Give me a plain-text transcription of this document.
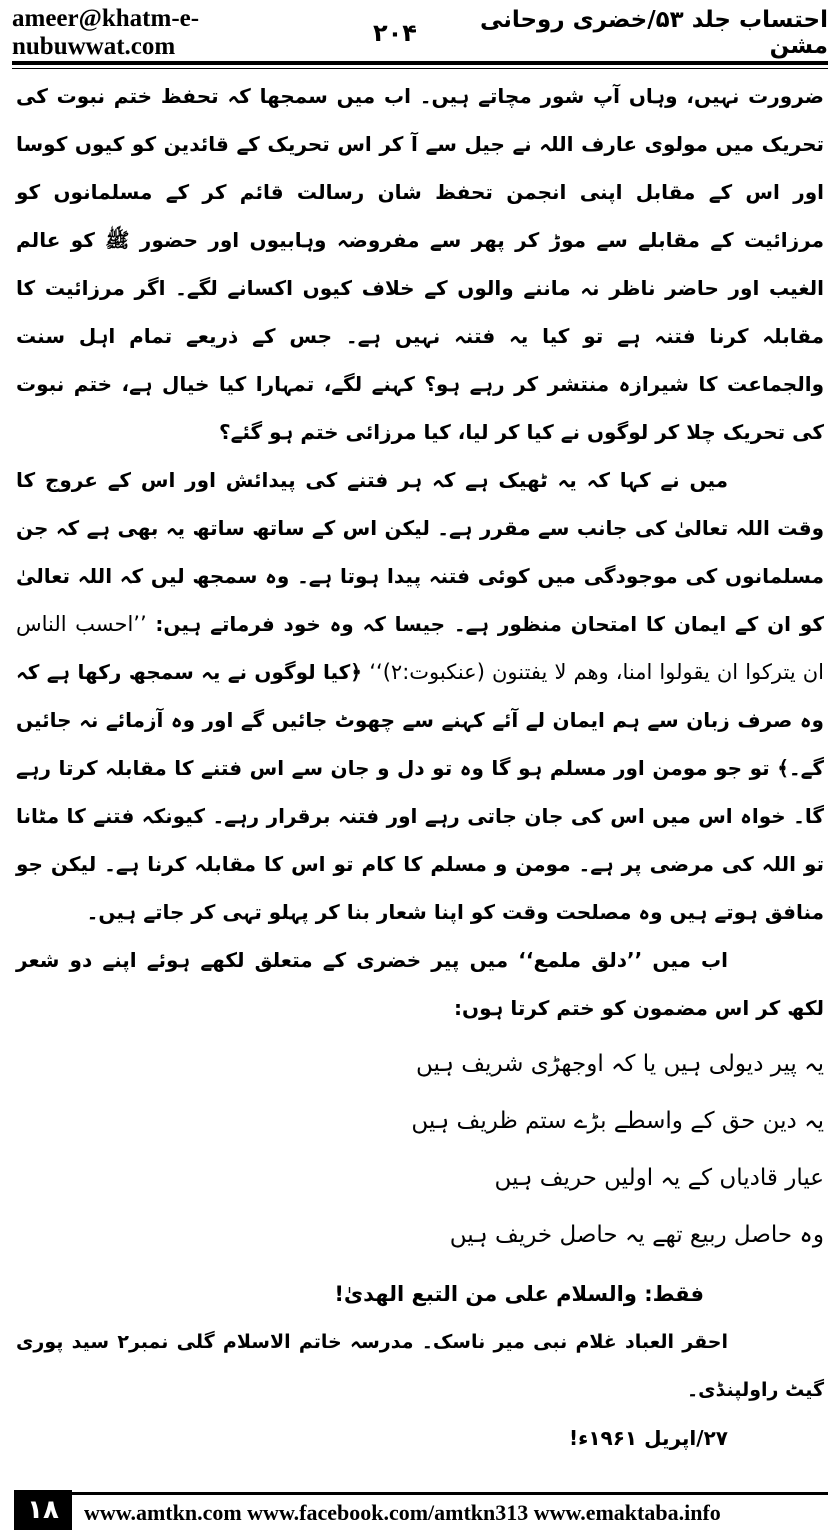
ameer@khatm-e-nubuwwat.com	۲۰۴	احتساب جلد ۵۳/خضری روحانی مشن

ضرورت نہیں، وہاں آپ شور مچاتے ہیں۔ اب میں سمجھا کہ تحفظ ختم نبوت کی تحریک میں مولوی عارف اللہ نے جیل سے آ کر اس تحریک کے قائدین کو کیوں کوسا اور اس کے مقابل اپنی انجمن تحفظ شان رسالت قائم کر کے مسلمانوں کو مرزائیت کے مقابلے سے موڑ کر پھر سے مفروضہ وہابیوں اور حضور ﷺ کو عالم الغیب اور حاضر ناظر نہ ماننے والوں کے خلاف کیوں اکسانے لگے۔ اگر مرزائیت کا مقابلہ کرنا فتنہ ہے تو کیا یہ فتنہ نہیں ہے۔ جس کے ذریعے تمام اہل سنت والجماعت کا شیرازہ منتشر کر رہے ہو؟ کہنے لگے، تمہارا کیا خیال ہے، ختم نبوت کی تحریک چلا کر لوگوں نے کیا کر لیا، کیا مرزائی ختم ہو گئے؟

میں نے کہا کہ یہ ٹھیک ہے کہ ہر فتنے کی پیدائش اور اس کے عروج کا وقت اللہ تعالیٰ کی جانب سے مقرر ہے۔ لیکن اس کے ساتھ ساتھ یہ بھی ہے کہ جن مسلمانوں کی موجودگی میں کوئی فتنہ پیدا ہوتا ہے۔ وہ سمجھ لیں کہ اللہ تعالیٰ کو ان کے ایمان کا امتحان منظور ہے۔ جیسا کہ وہ خود فرماتے ہیں: ’’احسب الناس ان یترکوا ان یقولوا امنا، وھم لا یفتنون (عنکبوت:۲)‘‘ ﴿کیا لوگوں نے یہ سمجھ رکھا ہے کہ وہ صرف زبان سے ہم ایمان لے آئے کہنے سے چھوٹ جائیں گے اور وہ آزمائے نہ جائیں گے۔﴾ تو جو مومن اور مسلم ہو گا وہ تو دل و جان سے اس فتنے کا مقابلہ کرتا رہے گا۔ خواہ اس میں اس کی جان جاتی رہے اور فتنہ برقرار رہے۔ کیونکہ فتنے کا مٹانا تو اللہ کی مرضی پر ہے۔ مومن و مسلم کا کام تو اس کا مقابلہ کرنا ہے۔ لیکن جو منافق ہوتے ہیں وہ مصلحت وقت کو اپنا شعار بنا کر پہلو تہی کر جاتے ہیں۔

اب میں ’’دلق ملمع‘‘ میں پیر خضری کے متعلق لکھے ہوئے اپنے دو شعر لکھ کر اس مضمون کو ختم کرتا ہوں:

یہ پیر دیولی ہیں یا کہ اوجھڑی شریف ہیں
یہ دین حق کے واسطے بڑے ستم ظریف ہیں
عیار قادیاں کے یہ اولیں حریف ہیں
وہ حاصل ربیع تھے یہ حاصل خریف ہیں

فقط: والسلام علی من التبع الھدیٰ!

احقر العباد غلام نبی میر ناسک۔ مدرسہ خاتم الاسلام گلی نمبر۲ سید پوری گیٹ راولپنڈی۔

۲۷/اپریل ۱۹۶۱ء!

۱۸	www.amtkn.com www.facebook.com/amtkn313 www.emaktaba.info
